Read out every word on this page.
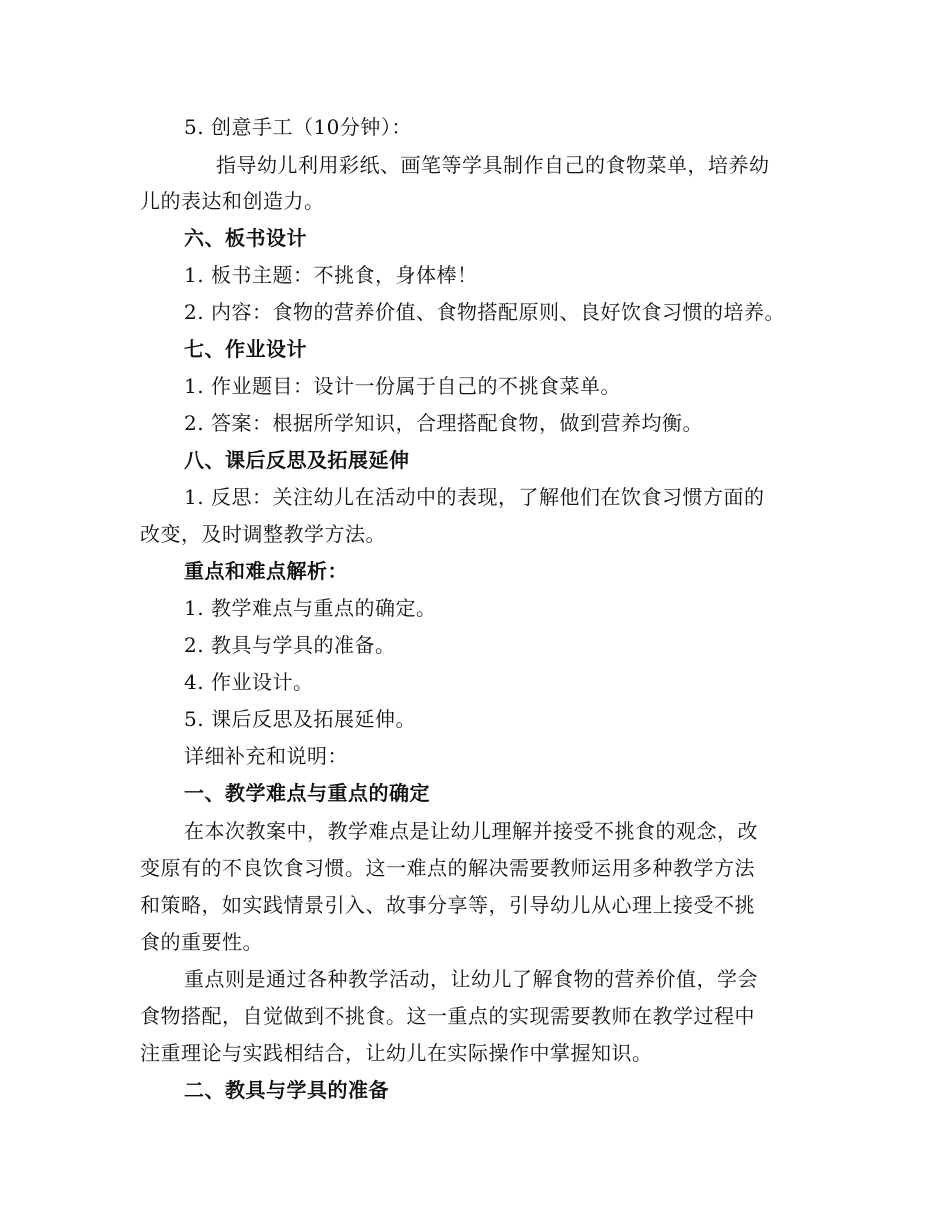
5. 创意手工（10分钟）：
指导幼儿利用彩纸、画笔等学具制作自己的食物菜单，培养幼
儿的表达和创造力。
六、板书设计
1. 板书主题：不挑食，身体棒！
2. 内容：食物的营养价值、食物搭配原则、良好饮食习惯的培养。
七、作业设计
1. 作业题目：设计一份属于自己的不挑食菜单。
2. 答案：根据所学知识，合理搭配食物，做到营养均衡。
八、课后反思及拓展延伸
1. 反思：关注幼儿在活动中的表现，了解他们在饮食习惯方面的
改变，及时调整教学方法。
重点和难点解析：
1. 教学难点与重点的确定。
2. 教具与学具的准备。
4. 作业设计。
5. 课后反思及拓展延伸。
详细补充和说明：
一、教学难点与重点的确定
在本次教案中，教学难点是让幼儿理解并接受不挑食的观念，改
变原有的不良饮食习惯。这一难点的解决需要教师运用多种教学方法
和策略，如实践情景引入、故事分享等，引导幼儿从心理上接受不挑
食的重要性。
重点则是通过各种教学活动，让幼儿了解食物的营养价值，学会
食物搭配，自觉做到不挑食。这一重点的实现需要教师在教学过程中
注重理论与实践相结合，让幼儿在实际操作中掌握知识。
二、教具与学具的准备
